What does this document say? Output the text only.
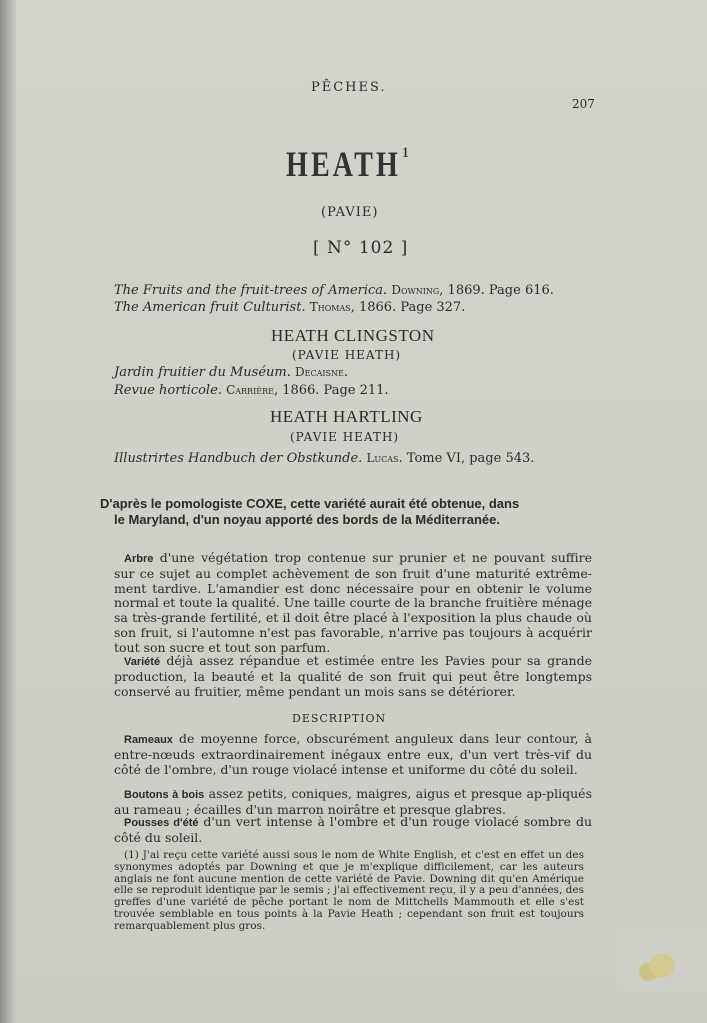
PÊCHES.
207
HEATH $^1$
(PAVIE)
[ N° 102 ]
The Fruits and the fruit-trees of America. Downing, 1869. Page 616.
The American fruit Culturist. Thomas, 1866. Page 327.
HEATH CLINGSTON
(PAVIE HEATH)
Jardin fruitier du Muséum. Decaisne.
Revue horticole. Carrière, 1866. Page 211.
HEATH HARTLING
(PAVIE HEATH)
Illustrirtes Handbuch der Obstkunde. Lucas. Tome VI, page 543.
D'après le pomologiste COXE, cette variété aurait été obtenue, dans
le Maryland, d'un noyau apporté des bords de la Méditerranée.
Arbre d'une végétation trop contenue sur prunier et ne pouvant suffire sur ce sujet au complet achèvement de son fruit d'une maturité extrême-ment tardive. L'amandier est donc nécessaire pour en obtenir le volume normal et toute la qualité. Une taille courte de la branche fruitière ménage sa très-grande fertilité, et il doit être placé à l'exposition la plus chaude où son fruit, si l'automne n'est pas favorable, n'arrive pas toujours à acquérir tout son sucre et tout son parfum.
Variété déjà assez répandue et estimée entre les Pavies pour sa grande production, la beauté et la qualité de son fruit qui peut être longtemps conservé au fruitier, même pendant un mois sans se détériorer.
DESCRIPTION
Rameaux de moyenne force, obscurément anguleux dans leur contour, à entre-nœuds extraordinairement inégaux entre eux, d'un vert très-vif du côté de l'ombre, d'un rouge violacé intense et uniforme du côté du soleil.
Boutons à bois assez petits, coniques, maigres, aigus et presque ap-pliqués au rameau ; écailles d'un marron noirâtre et presque glabres.
Pousses d'été d'un vert intense à l'ombre et d'un rouge violacé sombre du côté du soleil.
(1) J'ai reçu cette variété aussi sous le nom de White English, et c'est en effet un des synonymes adoptés par Downing et que je m'explique difficilement, car les auteurs anglais ne font aucune mention de cette variété de Pavie. Downing dit qu'en Amérique elle se reproduit identique par le semis ; j'ai effectivement reçu, il y a peu d'années, des greffes d'une variété de pêche portant le nom de Mittchells Mammouth et elle s'est trouvée semblable en tous points à la Pavie Heath ; cependant son fruit est toujours remarquablement plus gros.
